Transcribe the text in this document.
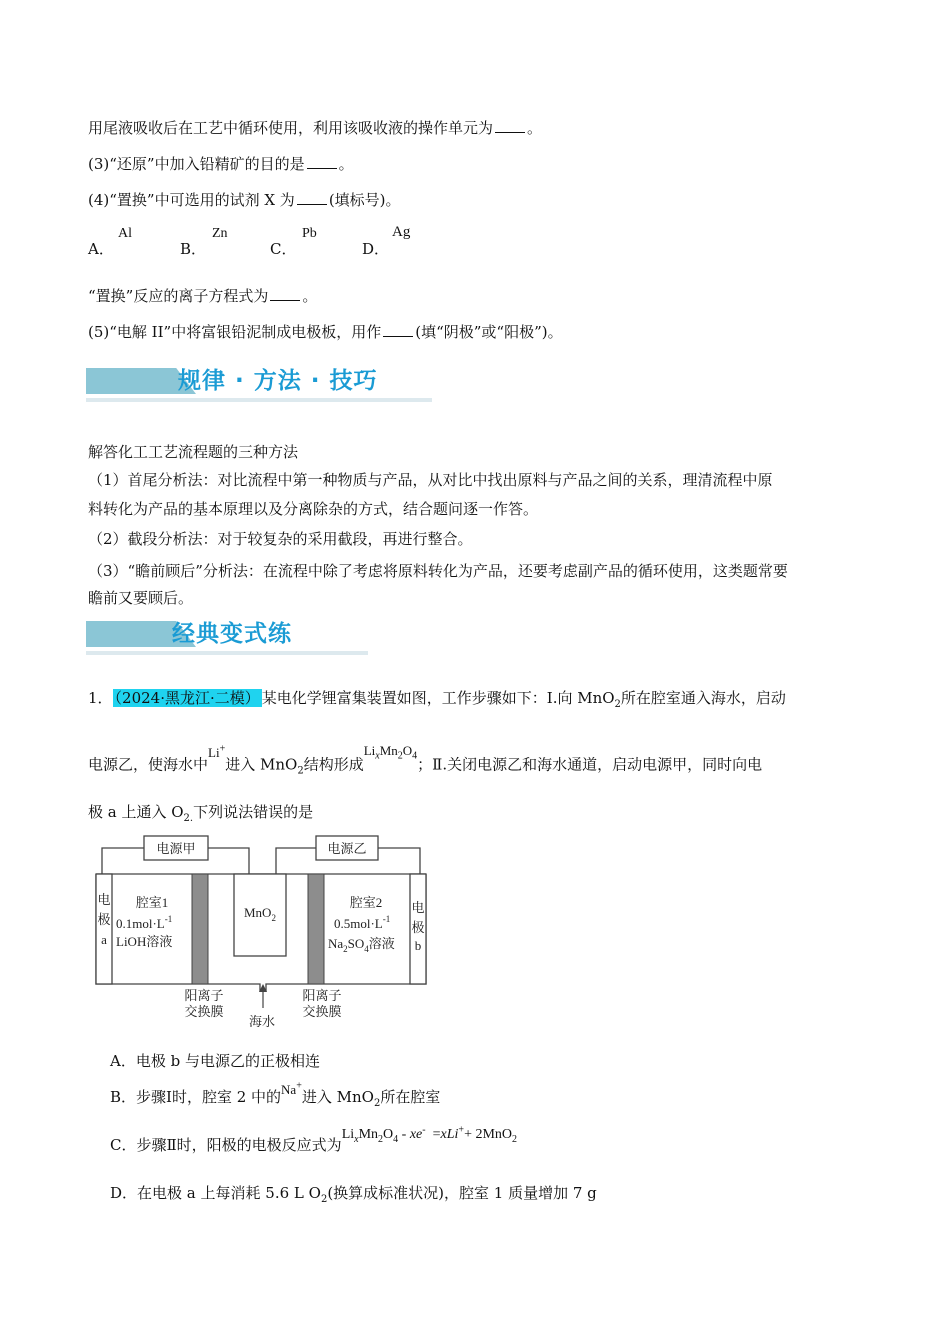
用尾液吸收后在工艺中循环使用，利用该吸收液的操作单元为 。
(3)“还原”中加入铅精矿的目的是 。
(4)“置换”中可选用的试剂 X 为 (填标号)。
A．
Al
B．
Zn
C．
Pb
D．
Ag
“置换”反应的离子方程式为 。
(5)“电解 II”中将富银铅泥制成电极板，用作 (填“阴极”或“阳极”)。
规律 · 方法 · 技巧
解答化工工艺流程题的三种方法
（1）首尾分析法：对比流程中第一种物质与产品，从对比中找出原料与产品之间的关系，理清流程中原
料转化为产品的基本原理以及分离除杂的方式，结合题问逐一作答。
（2）截段分析法：对于较复杂的采用截段，再进行整合。
（3）“瞻前顾后”分析法：在流程中除了考虑将原料转化为产品，还要考虑副产品的循环使用，这类题常要
瞻前又要顾后。
经典变式练
1． （2024·黑龙江·二模） 某电化学锂富集装置如图，工作步骤如下：Ⅰ.向 MnO$_2$所在腔室通入海水，启动
电源乙，使海水中Li+进入 MnO$_2$结构形成$Li_xMn_2O_4$；Ⅱ.关闭电源乙和海水通道，启动电源甲，同时向电
极 a 上通入 $O_{2.}$下列说法错误的是
电源甲	电源乙
电
极
a
电
极
b
腔室1
$0.1mol\cdot L^{-1}$
LiOH溶液
MnO$_2$
腔室2
$0.5mol\cdot L^{-1}$
$Na_2SO_4$溶液
阳离子
交换膜
阳离子
交换膜
海水
A．电极 b 与电源乙的正极相连
B．步骤Ⅰ时，腔室 2 中的Na+进入 MnO$_2$所在腔室
C．步骤Ⅱ时，阳极的电极反应式为$Li_xMn_2O_4 - xe^- =xLi^++ 2MnO_2$
D．在电极 a 上每消耗 5.6 L $O_2$(换算成标准状况)，腔室 1 质量增加 7 g
